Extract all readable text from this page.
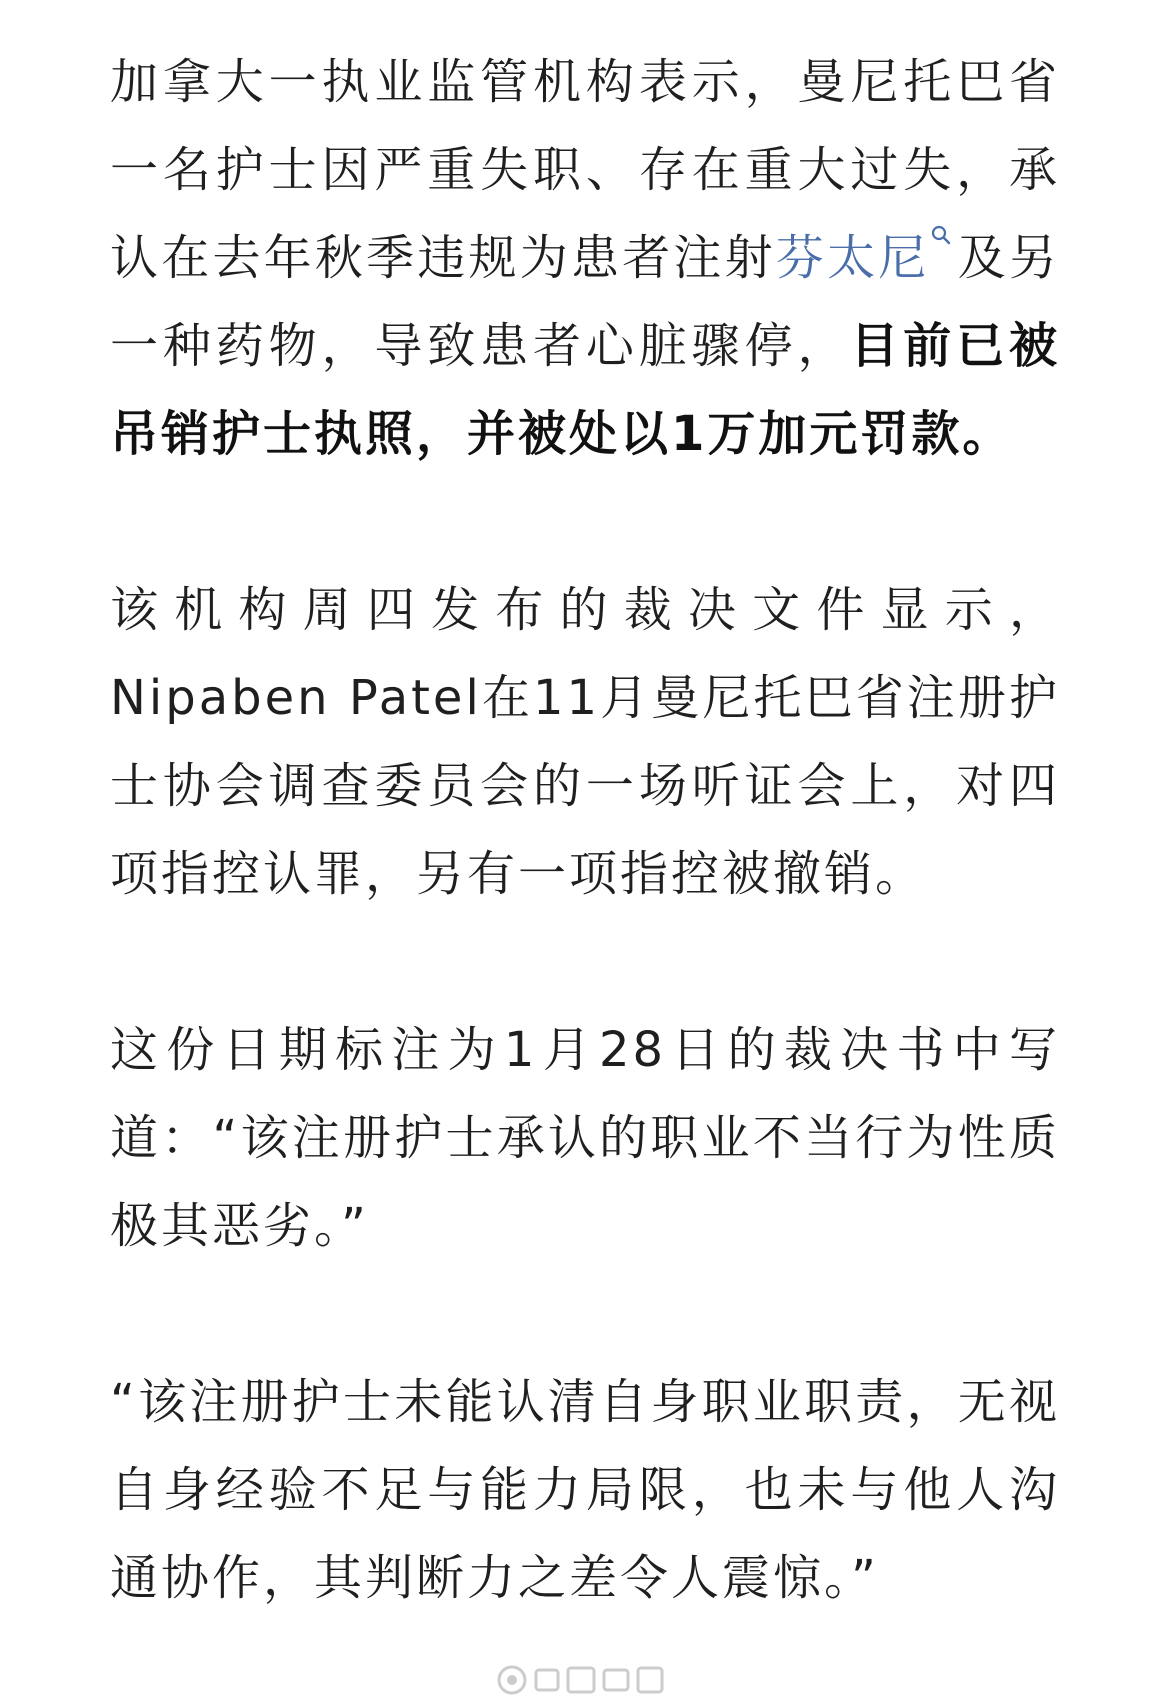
加拿大一执业监管机构表示，曼尼托巴省一名护士因严重失职、存在重大过失，承认在去年秋季违规为患者注射芬太尼 及另一种药物，导致患者心脏骤停，目前已被吊销护士执照，并被处以1万加元罚款。

该机构周四发布的裁决文件显示，Nipaben Patel在11月曼尼托巴省注册护士协会调查委员会的一场听证会上，对四项指控认罪，另有一项指控被撤销。

这份日期标注为1月28日的裁决书中写道：“该注册护士承认的职业不当行为性质极其恶劣。”

“该注册护士未能认清自身职业职责，无视自身经验不足与能力局限，也未与他人沟通协作，其判断力之差令人震惊。”
